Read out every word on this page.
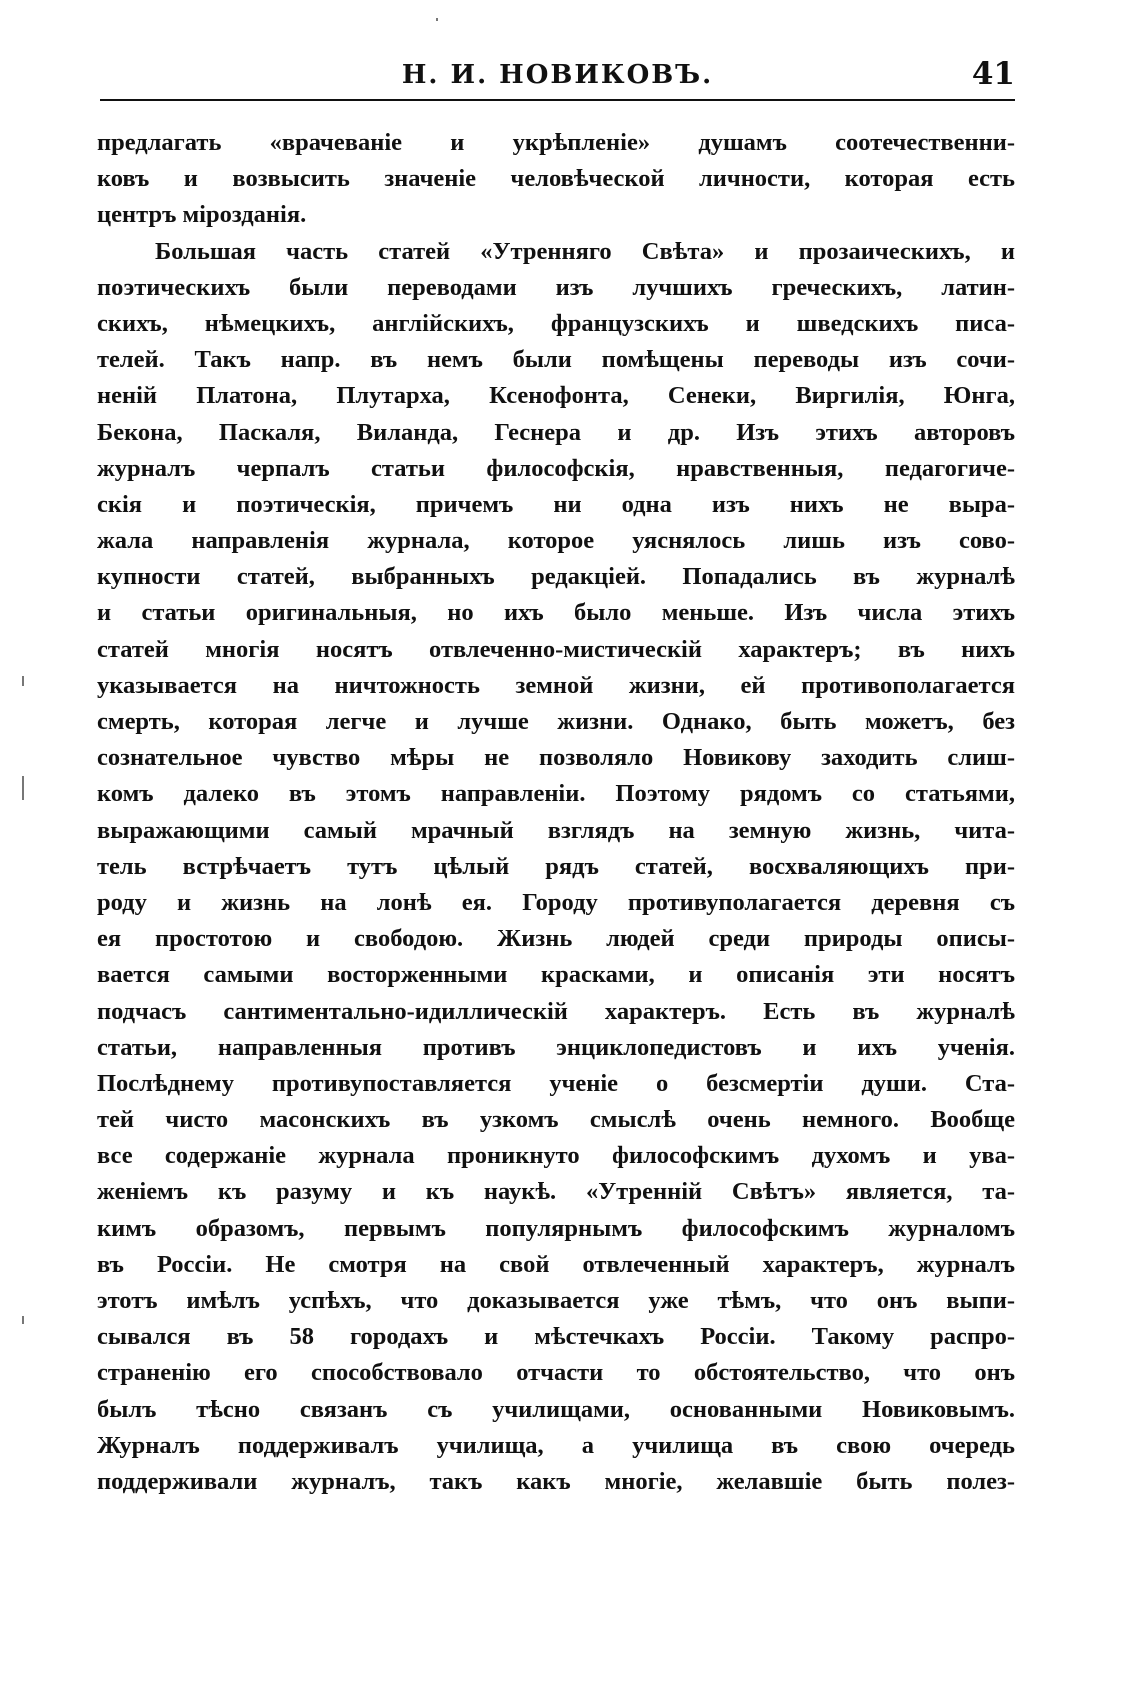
Н. И. НОВИКОВЪ.	41
предлагать «врачеваніе и укрѣпленіе» душамъ соотечественни-
ковъ и возвысить значеніе человѣческой личности, которая есть
центръ мірозданія.
Большая часть статей «Утренняго Свѣта» и прозаическихъ, и
поэтическихъ были переводами изъ лучшихъ греческихъ, латин-
скихъ, нѣмецкихъ, англійскихъ, французскихъ и шведскихъ писа-
телей. Такъ напр. въ немъ были помѣщены переводы изъ сочи-
неній Платона, Плутарха, Ксенофонта, Сенеки, Виргилія, Юнга,
Бекона, Паскаля, Виланда, Геснера и др. Изъ этихъ авторовъ
журналъ черпалъ статьи философскія, нравственныя, педагогиче-
скія и поэтическія, причемъ ни одна изъ нихъ не выра-
жала направленія журнала, которое уяснялось лишь изъ сово-
купности статей, выбранныхъ редакціей. Попадались въ журналѣ
и статьи оригинальныя, но ихъ было меньше. Изъ числа этихъ
статей многія носятъ отвлеченно-мистическій характеръ; въ нихъ
указывается на ничтожность земной жизни, ей противополагается
смерть, которая легче и лучше жизни. Однако, быть можетъ, без
сознательное чувство мѣры не позволяло Новикову заходить слиш-
комъ далеко въ этомъ направленіи. Поэтому рядомъ со статьями,
выражающими самый мрачный взглядъ на земную жизнь, чита-
тель встрѣчаетъ тутъ цѣлый рядъ статей, восхваляющихъ при-
роду и жизнь на лонѣ ея. Городу противуполагается деревня съ
ея простотою и свободою. Жизнь людей среди природы описы-
вается самыми восторженными красками, и описанія эти носятъ
подчасъ сантиментально-идиллическій характеръ. Есть въ журналѣ
статьи, направленныя противъ энциклопедистовъ и ихъ ученія.
Послѣднему противупоставляется ученіе о безсмертіи души. Ста-
тей чисто масонскихъ въ узкомъ смыслѣ очень немного. Вообще
все содержаніе журнала проникнуто философскимъ духомъ и ува-
женіемъ къ разуму и къ наукѣ. «Утренній Свѣтъ» является, та-
кимъ образомъ, первымъ популярнымъ философскимъ журналомъ
въ Россіи. Не смотря на свой отвлеченный характеръ, журналъ
этотъ имѣлъ успѣхъ, что доказывается уже тѣмъ, что онъ выпи-
сывался въ 58 городахъ и мѣстечкахъ Россіи. Такому распро-
страненію его способствовало отчасти то обстоятельство, что онъ
былъ тѣсно связанъ съ училищами, основанными Новиковымъ.
Журналъ поддерживалъ училища, а училища въ свою очередь
поддерживали журналъ, такъ какъ многіе, желавшіе быть полез-
